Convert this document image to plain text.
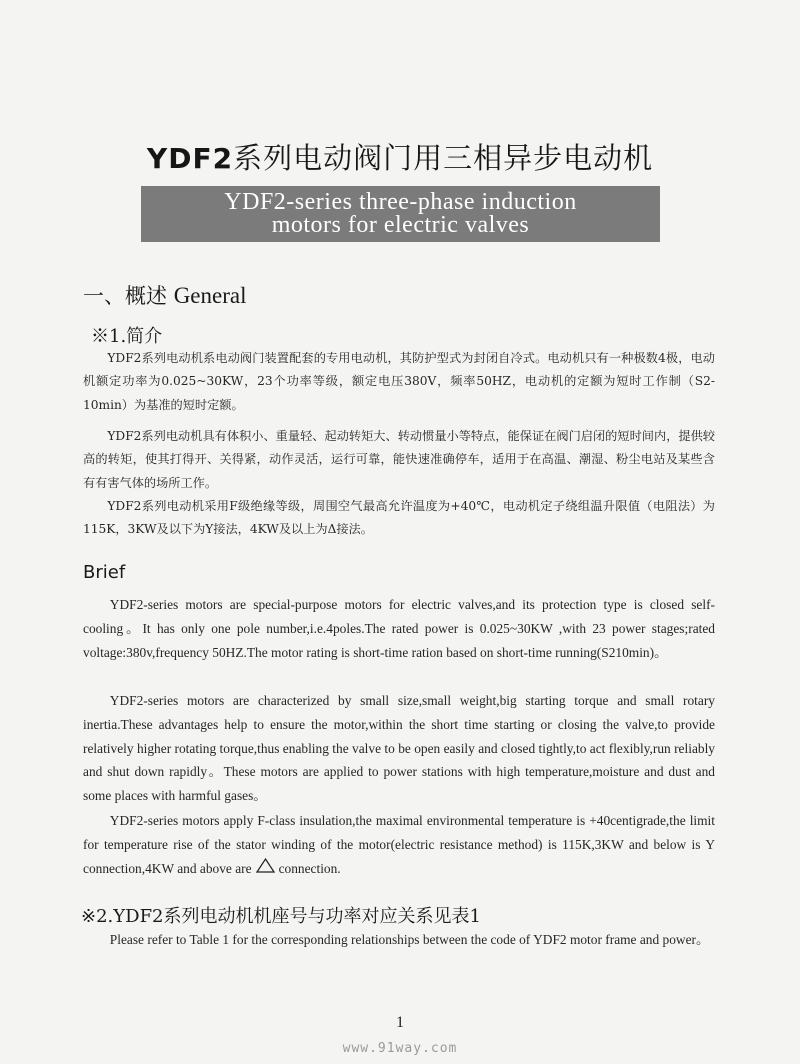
YDF2系列电动阀门用三相异步电动机
YDF2-series three-phase induction
motors for electric valves
一、概述 General
※1.简介

YDF2系列电动机系电动阀门装置配套的专用电动机，其防护型式为封闭自冷式。电动机只有一种极数4极，电动机额定功率为0.025~30KW，23个功率等级，额定电压380V，频率50HZ，电动机的定额为短时工作制（S2-10min）为基准的短时定额。

YDF2系列电动机具有体积小、重量轻、起动转矩大、转动惯量小等特点，能保证在阀门启闭的短时间内，提供较高的转矩，使其打得开、关得紧，动作灵活，运行可靠，能快速准确停车，适用于在高温、潮湿、粉尘电站及某些含有有害气体的场所工作。

YDF2系列电动机采用F级绝缘等级，周围空气最高允许温度为+40℃，电动机定子绕组温升限值（电阻法）为115K，3KW及以下为Y接法，4KW及以上为Δ接法。

Brief

YDF2-series motors are special-purpose motors for electric valves,and its protection type is closed self-cooling。It has only one pole number,i.e.4poles.The rated power is 0.025~30KW ,with 23 power stages;rated voltage:380v,frequency 50HZ.The motor rating is short-time ration based on short-time running(S210min)。

YDF2-series motors are characterized by small size,small weight,big starting torque and small rotary inertia.These advantages help to ensure the motor,within the short time starting or closing the valve,to provide relatively higher rotating torque,thus enabling the valve to be open easily and closed tightly,to act flexibly,run reliably and shut down rapidly。These motors are applied to power stations with high temperature,moisture and dust and some places with harmful gases。

YDF2-series motors apply F-class insulation,the maximal environmental temperature is +40centigrade,the limit for temperature rise of the stator winding of the motor(electric resistance method) is 115K,3KW and below is Y connection,4KW and above are connection.

※2.YDF2系列电动机机座号与功率对应关系见表1

Please refer to Table 1 for the corresponding relationships between the code of YDF2 motor frame and power。

1
www.91way.com
